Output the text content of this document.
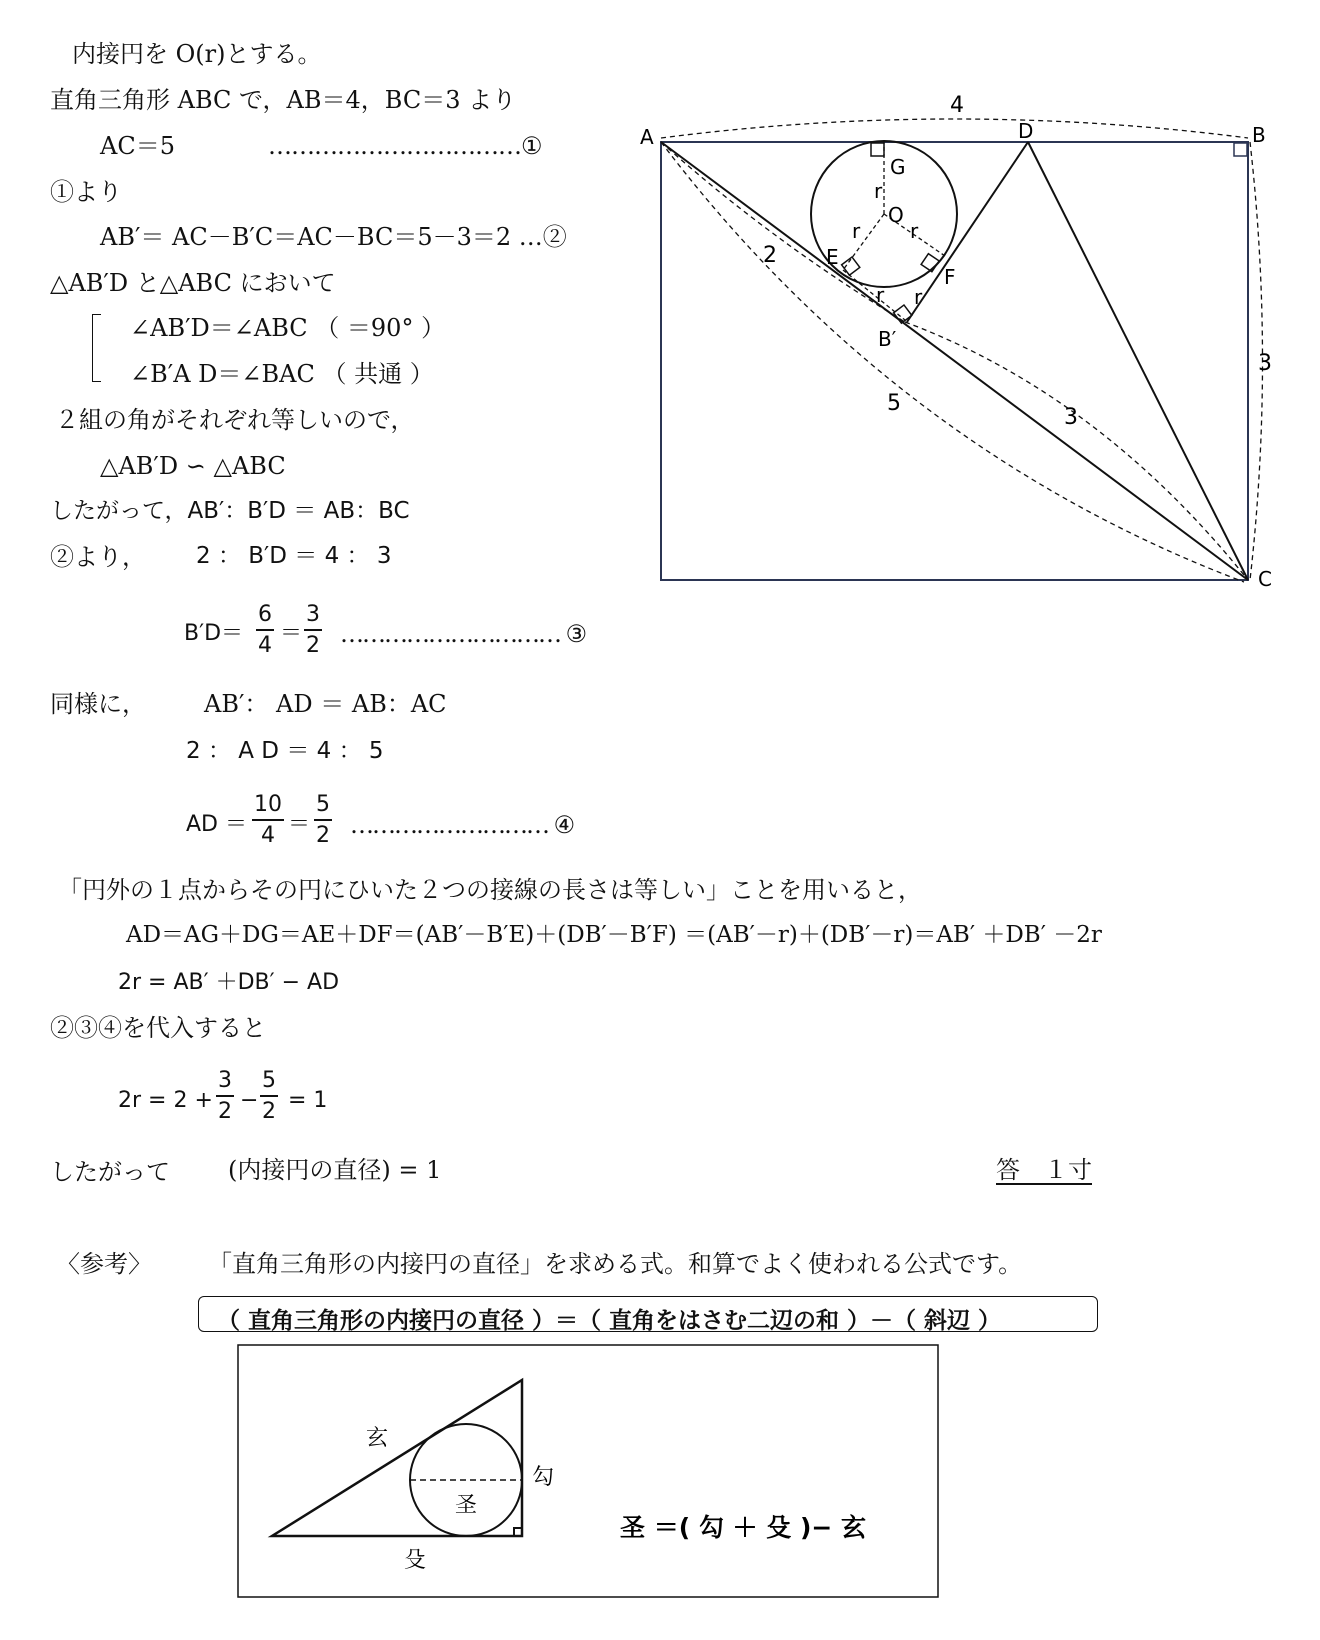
内接円を O(r)とする。
直角三角形 ABC で，AB＝4，BC＝3 より
AC＝5	……………………………①
①より
AB′＝ AC－B′C＝AC－BC＝5－3＝2 …②
△AB′D と△ABC において
∠AB′D＝∠ABC （ ＝90° ）
∠B′A D＝∠BAC （ 共通 ）
２組の角がそれぞれ等しいので，
△AB′D ∽ △ABC
したがって，AB′：B′D ＝ AB：BC
②より， 2 ： B′D ＝ 4 ： 3
$B'D= \frac{6}{4} = \frac{3}{2}$ ………………………… ③
同様に， AB′： AD ＝ AB：AC
2 ： A D ＝ 4 ： 5
AD ＝ $\frac{10}{4} = \frac{5}{2}$ ……………………… ④
「円外の１点からその円にひいた２つの接線の長さは等しい」ことを用いると，
AD＝AG＋DG＝AE＋DF＝(AB′－B′E)＋(DB′－B′F) ＝(AB′－r)＋(DB′－r)＝AB′ ＋DB′ －2r
2r = AB′ ＋DB′ − AD
②③④を代入すると
$2r = 2 + \frac{3}{2} - \frac{5}{2} = 1$
したがって (内接円の直径) = 1	答　１寸
〈参考〉 「直角三角形の内接円の直径」を求める式。和算でよく使われる公式です。
（ 直角三角形の内接円の直径 ）＝（ 直角をはさむ二辺の和 ）－（ 斜辺 ）
A	B
C
D
G
O
E
F
B′
r
r r
r r
4
3
5
2
3
玄
勾
圣
殳
圣 ＝( 勾 ＋ 殳 )− 玄
